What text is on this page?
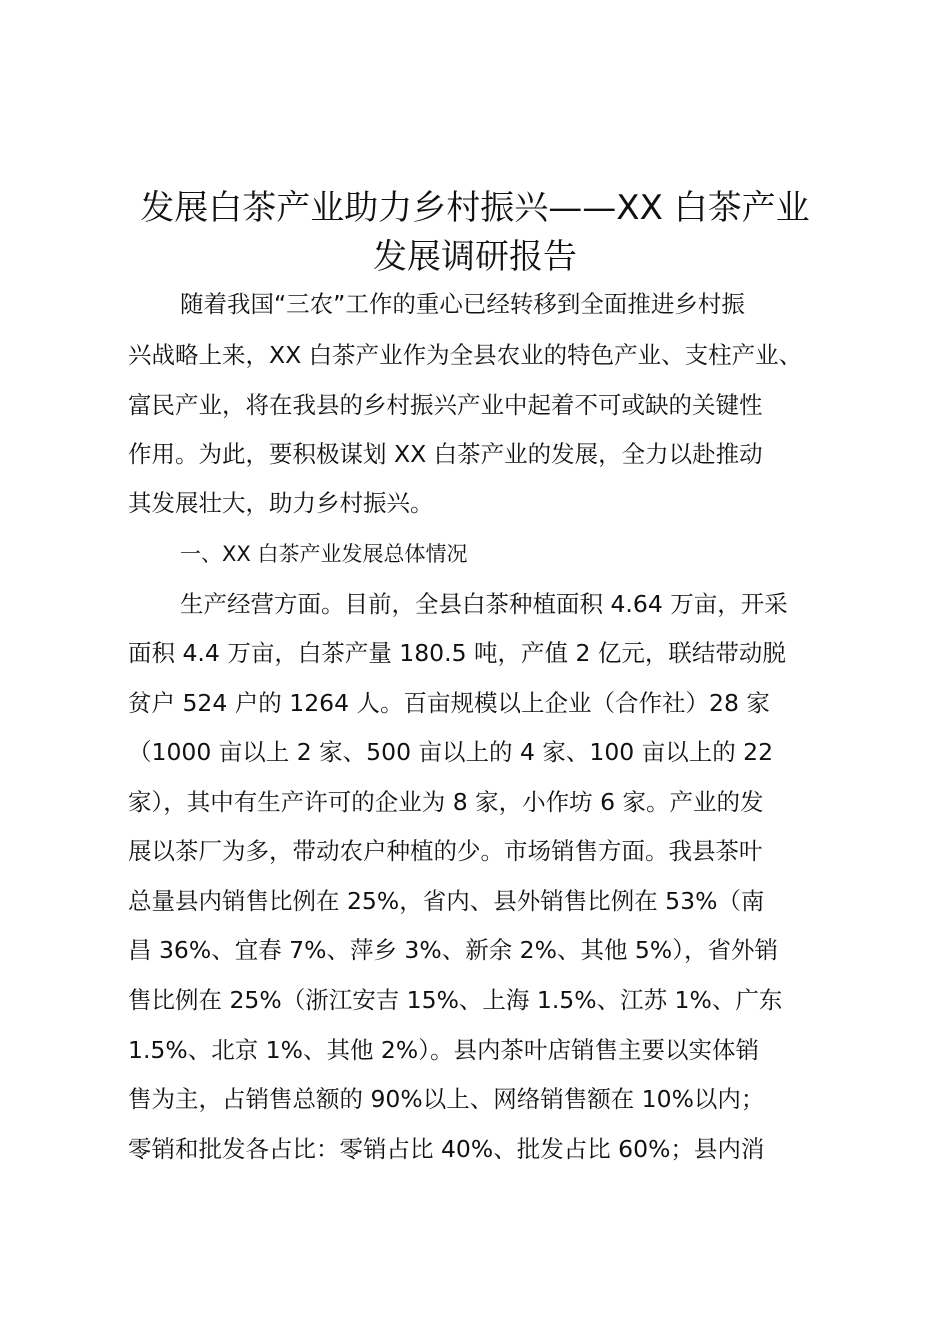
发展白茶产业助力乡村振兴——XX 白茶产业
发展调研报告

随着我国“三农”工作的重心已经转移到全面推进乡村振

兴战略上来，XX 白茶产业作为全县农业的特色产业、支柱产业、

富民产业，将在我县的乡村振兴产业中起着不可或缺的关键性

作用。为此，要积极谋划 XX 白茶产业的发展，全力以赴推动

其发展壮大，助力乡村振兴。

一、XX 白茶产业发展总体情况

生产经营方面。目前，全县白茶种植面积 4.64 万亩，开采

面积 4.4 万亩，白茶产量 180.5 吨，产值 2 亿元，联结带动脱

贫户 524 户的 1264 人。百亩规模以上企业（合作社）28 家

（1000 亩以上 2 家、500 亩以上的 4 家、100 亩以上的 22

家），其中有生产许可的企业为 8 家，小作坊 6 家。产业的发

展以茶厂为多，带动农户种植的少。市场销售方面。我县茶叶

总量县内销售比例在 25%，省内、县外销售比例在 53%（南

昌 36%、宜春 7%、萍乡 3%、新余 2%、其他 5%），省外销

售比例在 25%（浙江安吉 15%、上海 1.5%、江苏 1%、广东

1.5%、北京 1%、其他 2%）。县内茶叶店销售主要以实体销

售为主，占销售总额的 90%以上、网络销售额在 10%以内；

零销和批发各占比：零销占比 40%、批发占比 60%；县内消
